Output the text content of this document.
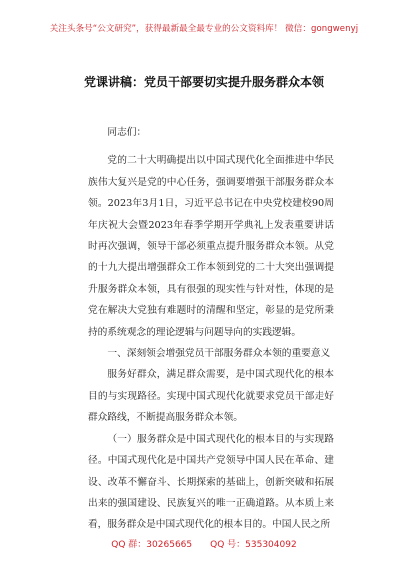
关注头条号“公文研究”，获得最新最全最专业的公文资料库！ 微信：gongwenyj
党课讲稿：党员干部要切实提升服务群众本领

同志们：

党的二十大明确提出以中国式现代化全面推进中华民族伟大复兴是党的中心任务，强调要增强干部服务群众本领。2023年3月1日，习近平总书记在中央党校建校90周年庆祝大会暨2023年春季学期开学典礼上发表重要讲话时再次强调，领导干部必须重点提升服务群众本领。从党的十九大提出增强群众工作本领到党的二十大突出强调提升服务群众本领，具有很强的现实性与针对性，体现的是党在解决大党独有难题时的清醒和坚定，彰显的是党所秉持的系统观念的理论逻辑与问题导向的实践逻辑。

一、深刻领会增强党员干部服务群众本领的重要意义

服务好群众，满足群众需要，是中国式现代化的根本目的与实现路径。实现中国式现代化就要求党员干部走好群众路线，不断提高服务群众本领。

（一）服务群众是中国式现代化的根本目的与实现路径。中国式现代化是中国共产党领导中国人民在革命、建设、改革不懈奋斗、长期探索的基础上，创新突破和拓展出来的强国建设、民族复兴的唯一正确道路。从本质上来看，服务群众是中国式现代化的根本目的。中国人民之所

QQ 群：30265665 QQ 号：535304092
